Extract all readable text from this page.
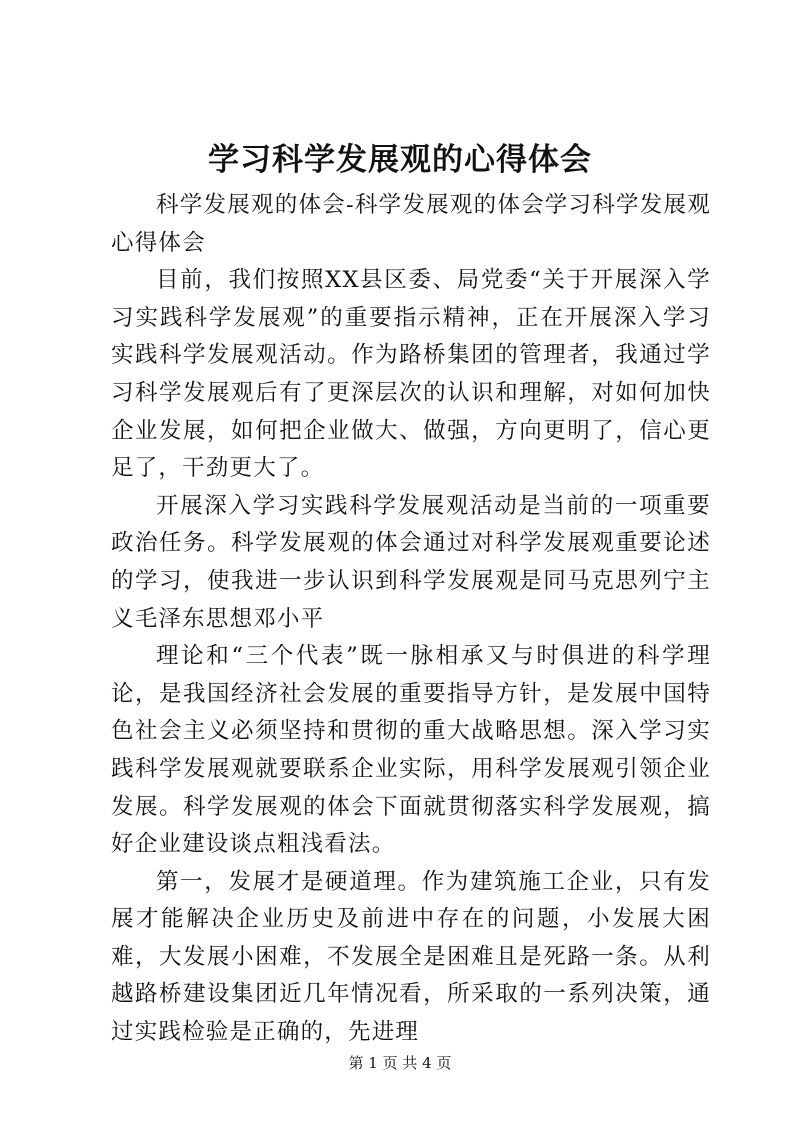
学习科学发展观的心得体会

科学发展观的体会-科学发展观的体会学习科学发展观心得体会

目前，我们按照XX县区委、局党委“关于开展深入学习实践科学发展观”的重要指示精神，正在开展深入学习实践科学发展观活动。作为路桥集团的管理者，我通过学习科学发展观后有了更深层次的认识和理解，对如何加快企业发展，如何把企业做大、做强，方向更明了，信心更足了，干劲更大了。

开展深入学习实践科学发展观活动是当前的一项重要政治任务。科学发展观的体会通过对科学发展观重要论述的学习，使我进一步认识到科学发展观是同马克思列宁主义毛泽东思想邓小平

理论和“三个代表”既一脉相承又与时俱进的科学理论，是我国经济社会发展的重要指导方针，是发展中国特色社会主义必须坚持和贯彻的重大战略思想。深入学习实践科学发展观就要联系企业实际，用科学发展观引领企业发展。科学发展观的体会下面就贯彻落实科学发展观，搞好企业建设谈点粗浅看法。

第一，发展才是硬道理。作为建筑施工企业，只有发展才能解决企业历史及前进中存在的问题，小发展大困难，大发展小困难，不发展全是困难且是死路一条。从利越路桥建设集团近几年情况看，所采取的一系列决策，通过实践检验是正确的，先进理

第 1 页 共 4 页
